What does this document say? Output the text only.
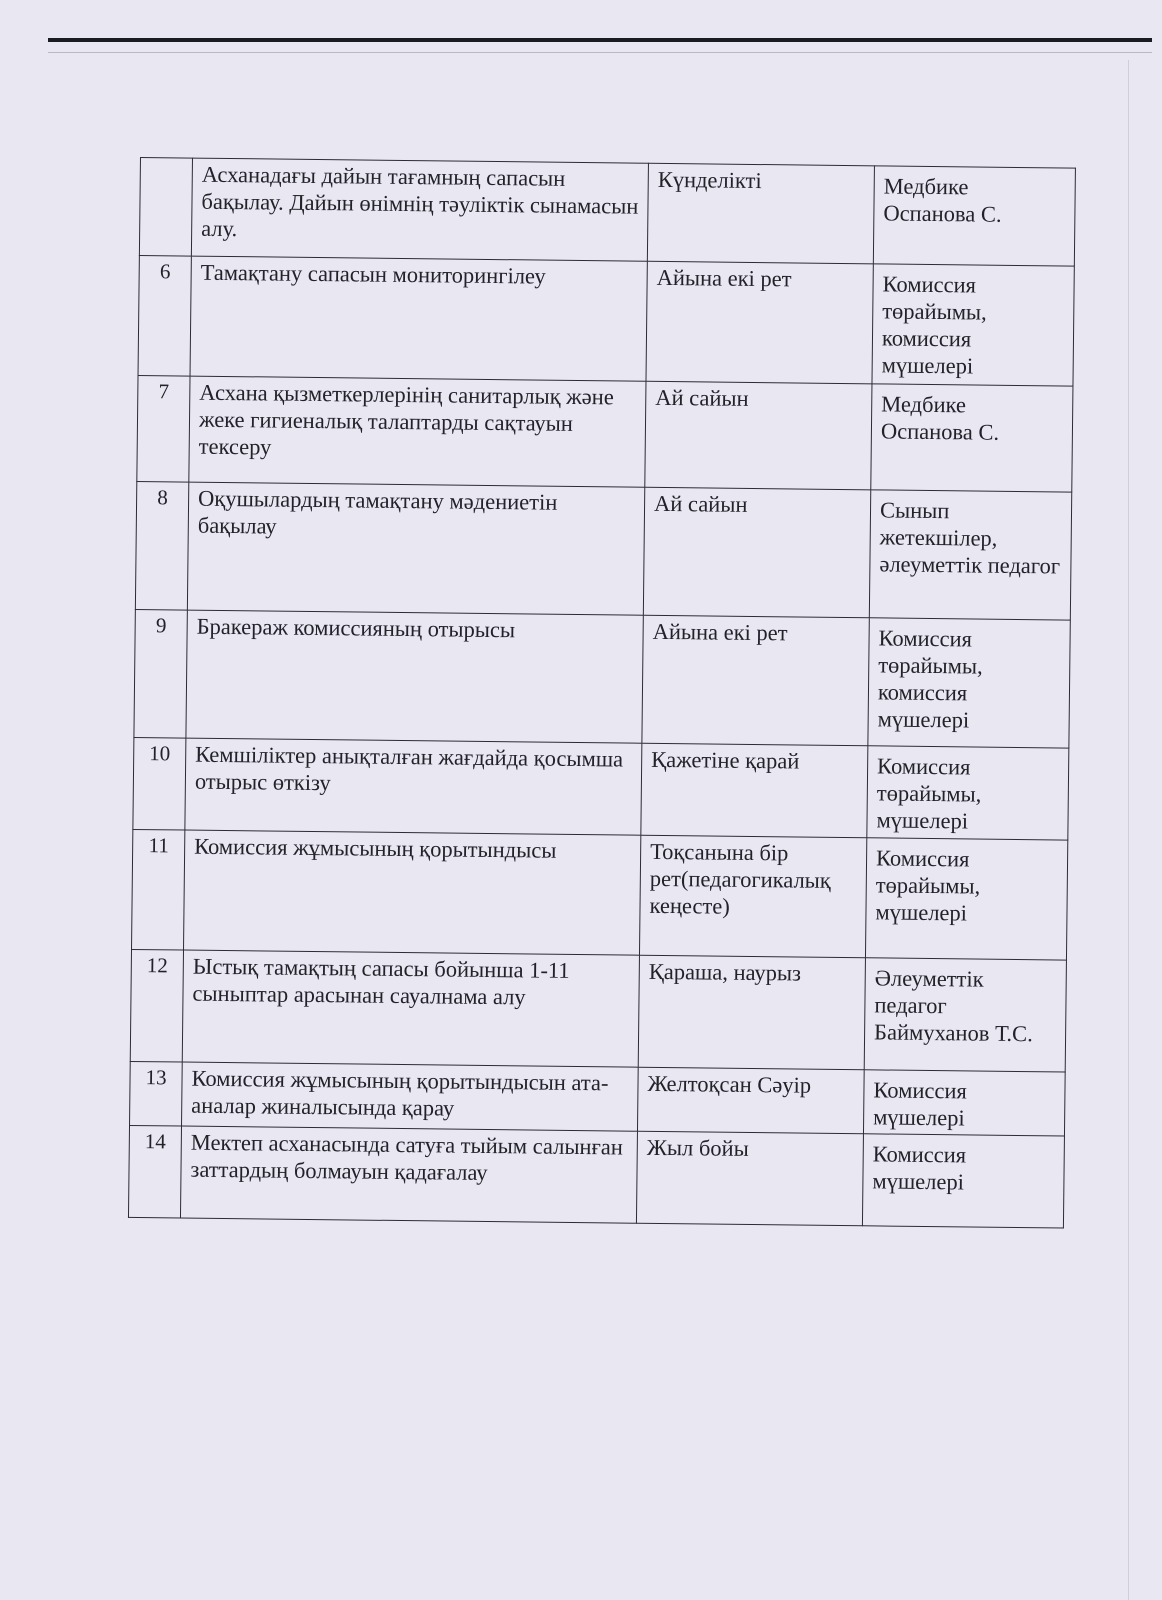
	Асханадағы дайын тағамның сапасын бақылау. Дайын өнімнің тәуліктік сынамасын алу.	Күнделікті	Медбике Оспанова С.
6	Тамақтану сапасын мониторингілеу	Айына екі рет	Комиссия төрайымы, комиссия мүшелері
7	Асхана қызметкерлерінің санитарлық және жеке гигиеналық талаптарды сақтауын тексеру	Ай сайын	Медбике Оспанова С.
8	Оқушылардың тамақтану мәдениетін бақылау	Ай сайын	Сынып жетекшілер, әлеуметтік педагог
9	Бракераж комиссияның отырысы	Айына екі рет	Комиссия төрайымы, комиссия мүшелері
10	Кемшіліктер анықталған жағдайда қосымша отырыс өткізу	Қажетіне қарай	Комиссия төрайымы, мүшелері
11	Комиссия жұмысының қорытындысы	Тоқсанына бір рет(педагогикалық кеңесте)	Комиссия төрайымы, мүшелері
12	Ыстық тамақтың сапасы бойынша 1-11 сыныптар арасынан сауалнама алу	Қараша, наурыз	Әлеуметтік педагог Баймуханов Т.С.
13	Комиссия жұмысының қорытындысын ата-аналар жиналысында қарау	Желтоқсан Сәуір	Комиссия мүшелері
14	Мектеп асханасында сатуға тыйым салынған заттардың болмауын қадағалау	Жыл бойы	Комиссия мүшелері
